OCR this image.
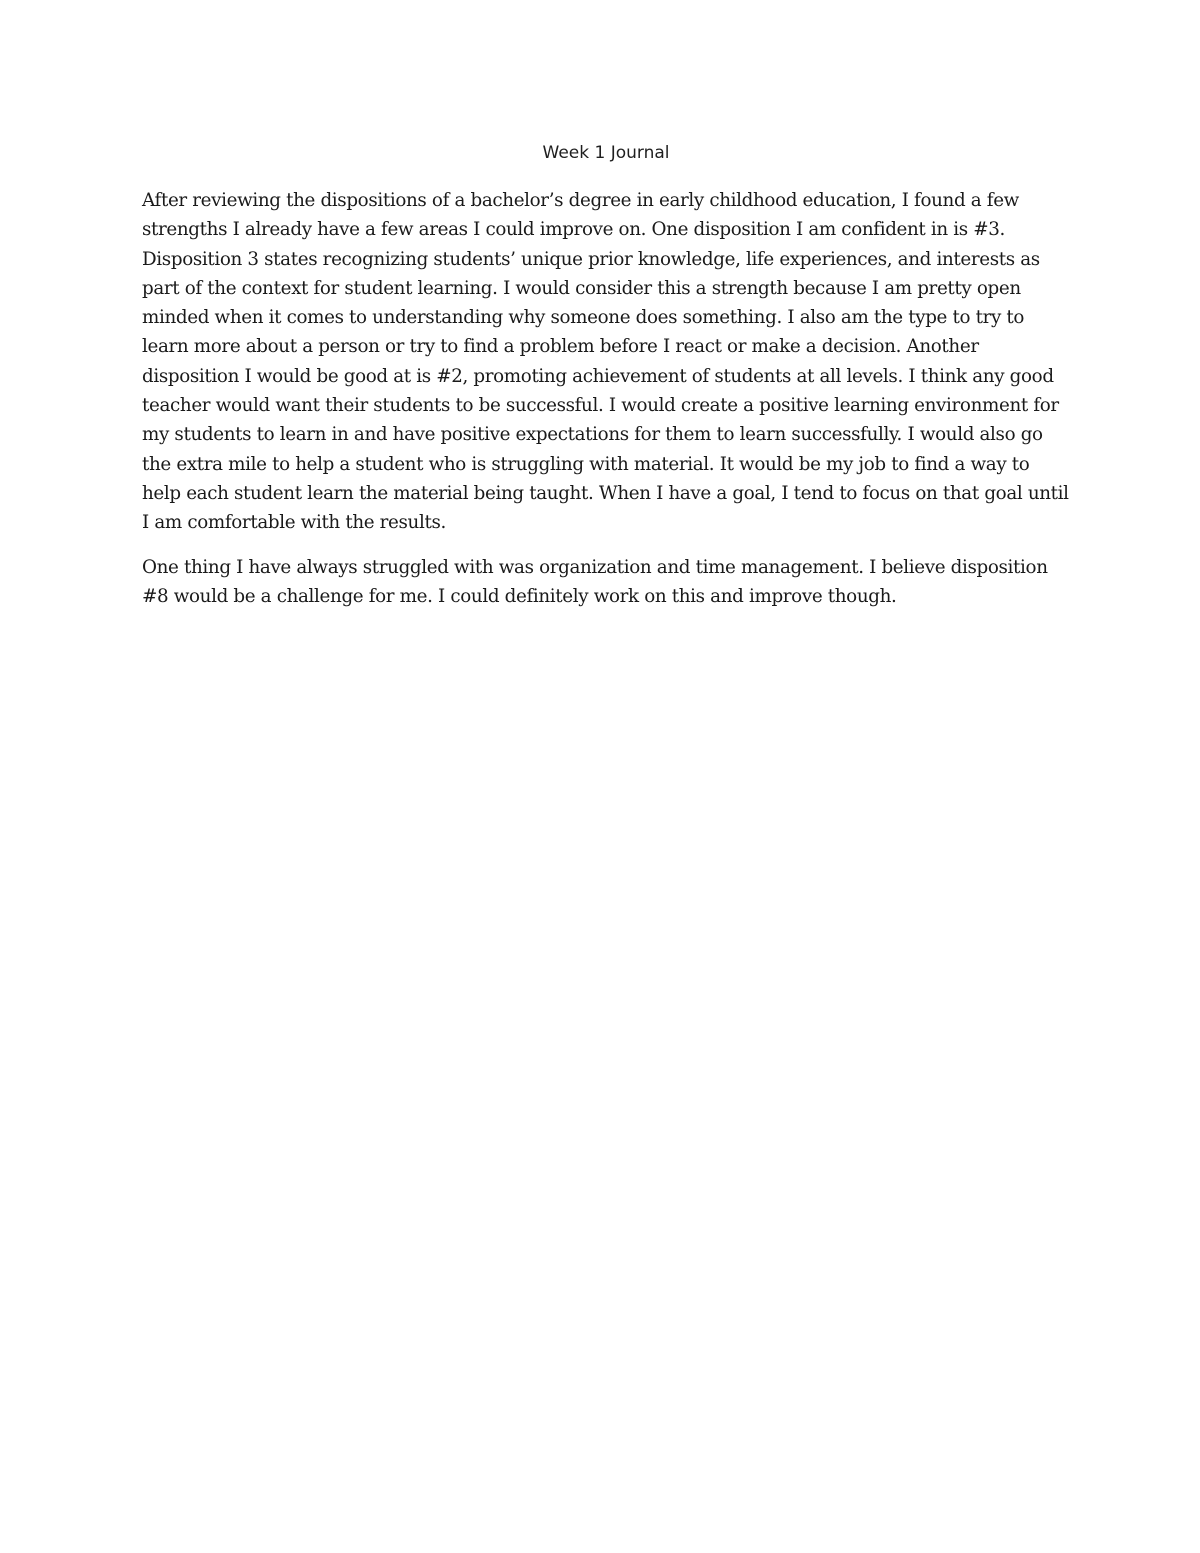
Week 1 Journal

After reviewing the dispositions of a bachelor’s degree in early childhood education, I found a few strengths I already have a few areas I could improve on. One disposition I am confident in is #3. Disposition 3 states recognizing students’ unique prior knowledge, life experiences, and interests as part of the context for student learning. I would consider this a strength because I am pretty open minded when it comes to understanding why someone does something. I also am the type to try to learn more about a person or try to find a problem before I react or make a decision. Another disposition I would be good at is #2, promoting achievement of students at all levels. I think any good teacher would want their students to be successful. I would create a positive learning environment for my students to learn in and have positive expectations for them to learn successfully. I would also go the extra mile to help a student who is struggling with material. It would be my job to find a way to help each student learn the material being taught. When I have a goal, I tend to focus on that goal until I am comfortable with the results.

One thing I have always struggled with was organization and time management. I believe disposition #8 would be a challenge for me. I could definitely work on this and improve though.
